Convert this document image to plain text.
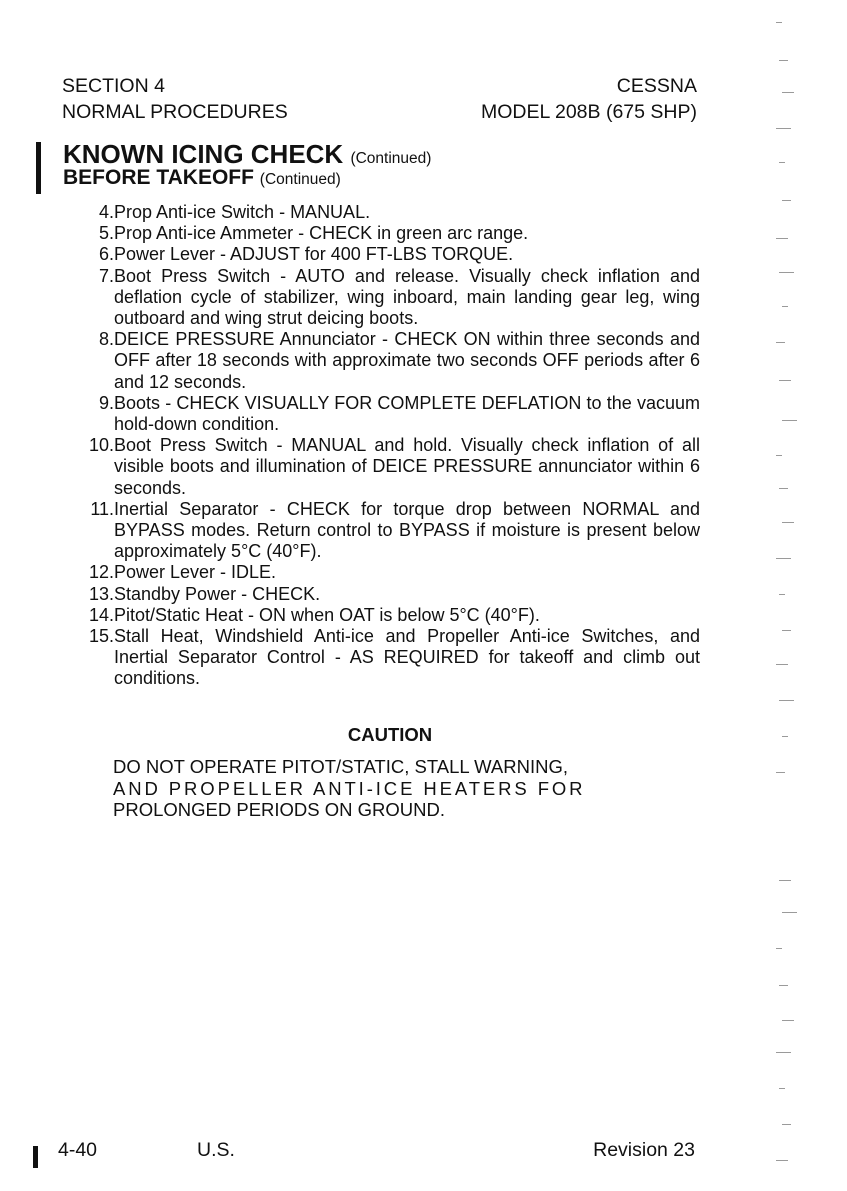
SECTION 4
NORMAL PROCEDURES
CESSNA
MODEL 208B (675 SHP)
KNOWN ICING CHECK (Continued)
BEFORE TAKEOFF (Continued)
4. Prop Anti-ice Switch - MANUAL.
5. Prop Anti-ice Ammeter - CHECK in green arc range.
6. Power Lever - ADJUST for 400 FT-LBS TORQUE.
7. Boot Press Switch - AUTO and release. Visually check inflation and deflation cycle of stabilizer, wing inboard, main landing gear leg, wing outboard and wing strut deicing boots.
8. DEICE PRESSURE Annunciator - CHECK ON within three seconds and OFF after 18 seconds with approximate two seconds OFF periods after 6 and 12 seconds.
9. Boots - CHECK VISUALLY FOR COMPLETE DEFLATION to the vacuum hold-down condition.
10. Boot Press Switch - MANUAL and hold. Visually check inflation of all visible boots and illumination of DEICE PRESSURE annunciator within 6 seconds.
11. Inertial Separator - CHECK for torque drop between NORMAL and BYPASS modes. Return control to BYPASS if moisture is present below approximately 5°C (40°F).
12. Power Lever - IDLE.
13. Standby Power - CHECK.
14. Pitot/Static Heat - ON when OAT is below 5°C (40°F).
15. Stall Heat, Windshield Anti-ice and Propeller Anti-ice Switches, and Inertial Separator Control - AS REQUIRED for takeoff and climb out conditions.
CAUTION
DO NOT OPERATE PITOT/STATIC, STALL WARNING,
AND PROPELLER ANTI-ICE HEATERS FOR
PROLONGED PERIODS ON GROUND.
4-40	U.S.	Revision 23
